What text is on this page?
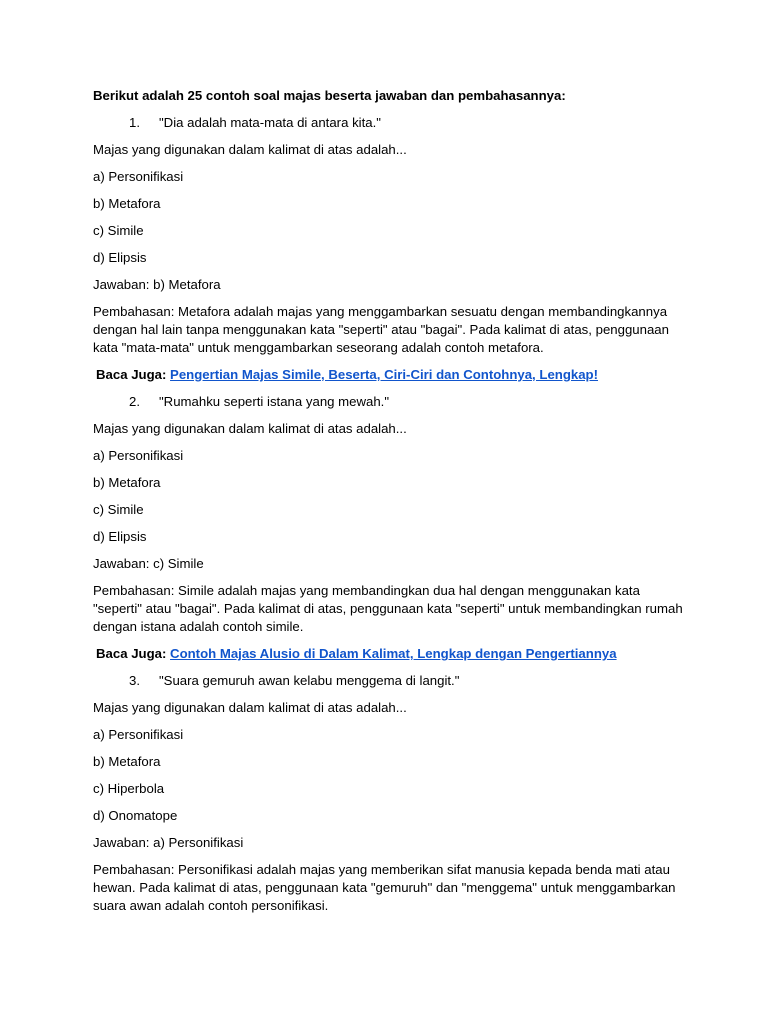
Berikut adalah 25 contoh soal majas beserta jawaban dan pembahasannya:

1.	"Dia adalah mata-mata di antara kita."

Majas yang digunakan dalam kalimat di atas adalah...

a) Personifikasi

b) Metafora

c) Simile

d) Elipsis

Jawaban: b) Metafora

Pembahasan: Metafora adalah majas yang menggambarkan sesuatu dengan membandingkannya dengan hal lain tanpa menggunakan kata "seperti" atau "bagai". Pada kalimat di atas, penggunaan kata "mata-mata" untuk menggambarkan seseorang adalah contoh metafora.

Baca Juga: Pengertian Majas Simile, Beserta, Ciri-Ciri dan Contohnya, Lengkap!

2.	"Rumahku seperti istana yang mewah."

Majas yang digunakan dalam kalimat di atas adalah...

a) Personifikasi

b) Metafora

c) Simile

d) Elipsis

Jawaban: c) Simile

Pembahasan: Simile adalah majas yang membandingkan dua hal dengan menggunakan kata "seperti" atau "bagai". Pada kalimat di atas, penggunaan kata "seperti" untuk membandingkan rumah dengan istana adalah contoh simile.

Baca Juga: Contoh Majas Alusio di Dalam Kalimat, Lengkap dengan Pengertiannya

3.	"Suara gemuruh awan kelabu menggema di langit."

Majas yang digunakan dalam kalimat di atas adalah...

a) Personifikasi

b) Metafora

c) Hiperbola

d) Onomatope

Jawaban: a) Personifikasi

Pembahasan: Personifikasi adalah majas yang memberikan sifat manusia kepada benda mati atau hewan. Pada kalimat di atas, penggunaan kata "gemuruh" dan "menggema" untuk menggambarkan suara awan adalah contoh personifikasi.
